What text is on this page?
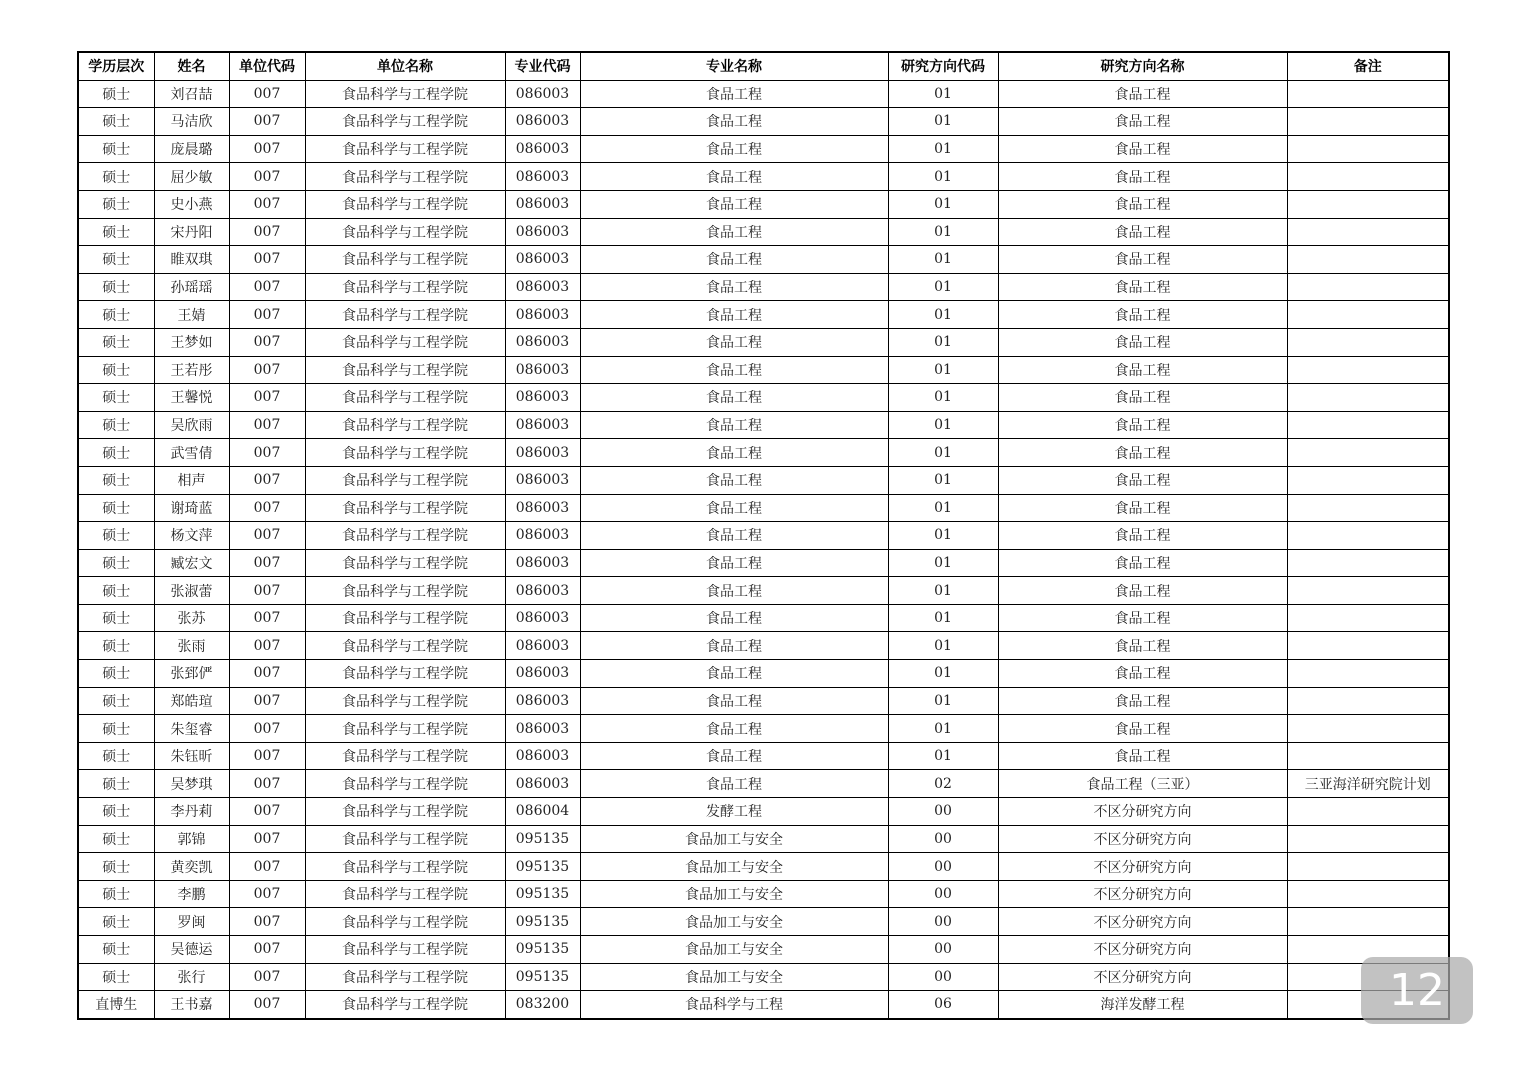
学历层次	姓名	单位代码	单位名称	专业代码	专业名称	研究方向代码	研究方向名称	备注
硕士	刘召喆	007	食品科学与工程学院	086003	食品工程	01	食品工程	
硕士	马洁欣	007	食品科学与工程学院	086003	食品工程	01	食品工程	
硕士	庞晨璐	007	食品科学与工程学院	086003	食品工程	01	食品工程	
硕士	屈少敏	007	食品科学与工程学院	086003	食品工程	01	食品工程	
硕士	史小燕	007	食品科学与工程学院	086003	食品工程	01	食品工程	
硕士	宋丹阳	007	食品科学与工程学院	086003	食品工程	01	食品工程	
硕士	睢双琪	007	食品科学与工程学院	086003	食品工程	01	食品工程	
硕士	孙瑶瑶	007	食品科学与工程学院	086003	食品工程	01	食品工程	
硕士	王婧	007	食品科学与工程学院	086003	食品工程	01	食品工程	
硕士	王梦如	007	食品科学与工程学院	086003	食品工程	01	食品工程	
硕士	王若彤	007	食品科学与工程学院	086003	食品工程	01	食品工程	
硕士	王馨悦	007	食品科学与工程学院	086003	食品工程	01	食品工程	
硕士	吴欣雨	007	食品科学与工程学院	086003	食品工程	01	食品工程	
硕士	武雪倩	007	食品科学与工程学院	086003	食品工程	01	食品工程	
硕士	相声	007	食品科学与工程学院	086003	食品工程	01	食品工程	
硕士	谢琦蓝	007	食品科学与工程学院	086003	食品工程	01	食品工程	
硕士	杨文萍	007	食品科学与工程学院	086003	食品工程	01	食品工程	
硕士	臧宏文	007	食品科学与工程学院	086003	食品工程	01	食品工程	
硕士	张淑蕾	007	食品科学与工程学院	086003	食品工程	01	食品工程	
硕士	张苏	007	食品科学与工程学院	086003	食品工程	01	食品工程	
硕士	张雨	007	食品科学与工程学院	086003	食品工程	01	食品工程	
硕士	张郅俨	007	食品科学与工程学院	086003	食品工程	01	食品工程	
硕士	郑皓瑄	007	食品科学与工程学院	086003	食品工程	01	食品工程	
硕士	朱玺睿	007	食品科学与工程学院	086003	食品工程	01	食品工程	
硕士	朱钰昕	007	食品科学与工程学院	086003	食品工程	01	食品工程	
硕士	吴梦琪	007	食品科学与工程学院	086003	食品工程	02	食品工程（三亚）	三亚海洋研究院计划
硕士	李丹莉	007	食品科学与工程学院	086004	发酵工程	00	不区分研究方向	
硕士	郭锦	007	食品科学与工程学院	095135	食品加工与安全	00	不区分研究方向	
硕士	黄奕凯	007	食品科学与工程学院	095135	食品加工与安全	00	不区分研究方向	
硕士	李鹏	007	食品科学与工程学院	095135	食品加工与安全	00	不区分研究方向	
硕士	罗闽	007	食品科学与工程学院	095135	食品加工与安全	00	不区分研究方向	
硕士	吴德运	007	食品科学与工程学院	095135	食品加工与安全	00	不区分研究方向	
硕士	张行	007	食品科学与工程学院	095135	食品加工与安全	00	不区分研究方向	
直博生	王书嘉	007	食品科学与工程学院	083200	食品科学与工程	06	海洋发酵工程		12
